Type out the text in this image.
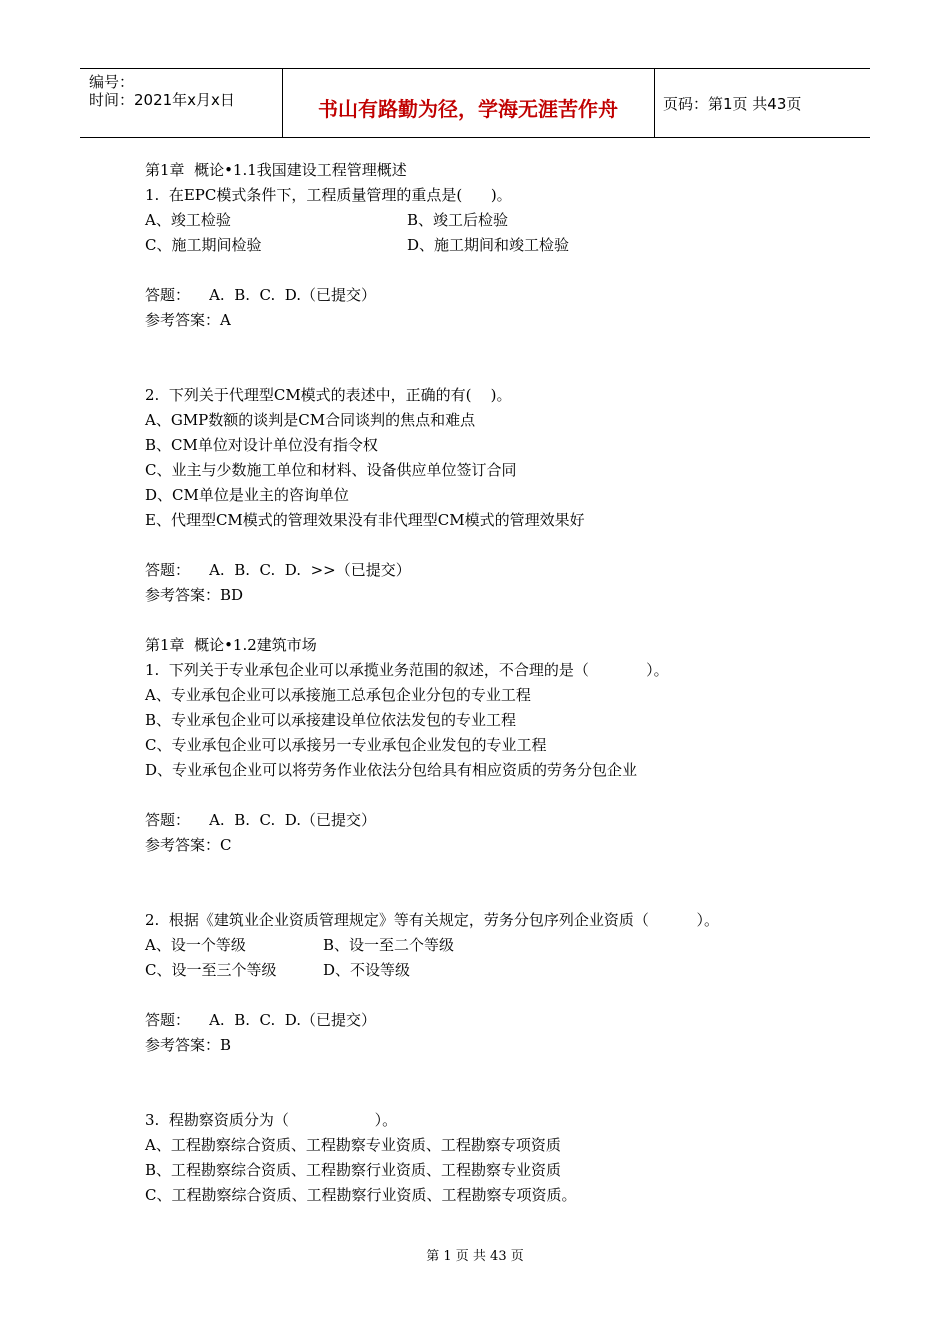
编号：
时间：2021年x月x日	书山有路勤为径，学海无涯苦作舟	页码：第1页 共43页
第1章  概论•1.1我国建设工程管理概述
1.  在EPC模式条件下，工程质量管理的重点是(      )。

A、竣工检验

	B、竣工后检验

C、施工期间检验

	D、施工期间和竣工检验

答题：    A.  B.  C.  D.（已提交）
参考答案：A
2.  下列关于代理型CM模式的表述中，正确的有(    )。
A、GMP数额的谈判是CM合同谈判的焦点和难点
B、CM单位对设计单位没有指令权
C、业主与少数施工单位和材料、设备供应单位签订合同
D、CM单位是业主的咨询单位
E、代理型CM模式的管理效果没有非代理型CM模式的管理效果好
答题：    A.  B.  C.  D.  >>（已提交）
参考答案：BD
第1章  概论•1.2建筑市场
1.  下列关于专业承包企业可以承揽业务范围的叙述，不合理的是（            ）。
A、专业承包企业可以承接施工总承包企业分包的专业工程
B、专业承包企业可以承接建设单位依法发包的专业工程
C、专业承包企业可以承接另一专业承包企业发包的专业工程
D、专业承包企业可以将劳务作业依法分包给具有相应资质的劳务分包企业
答题：    A.  B.  C.  D.（已提交）
参考答案：C
2.  根据《建筑业企业资质管理规定》等有关规定，劳务分包序列企业资质（          ）。

A、设一个等级

	B、设一至二个等级

C、设一至三个等级

	D、不设等级

答题：    A.  B.  C.  D.（已提交）
参考答案：B
3.  程勘察资质分为（                  ）。
A、工程勘察综合资质、工程勘察专业资质、工程勘察专项资质
B、工程勘察综合资质、工程勘察行业资质、工程勘察专业资质
C、工程勘察综合资质、工程勘察行业资质、工程勘察专项资质。
第 1 页 共 43 页
